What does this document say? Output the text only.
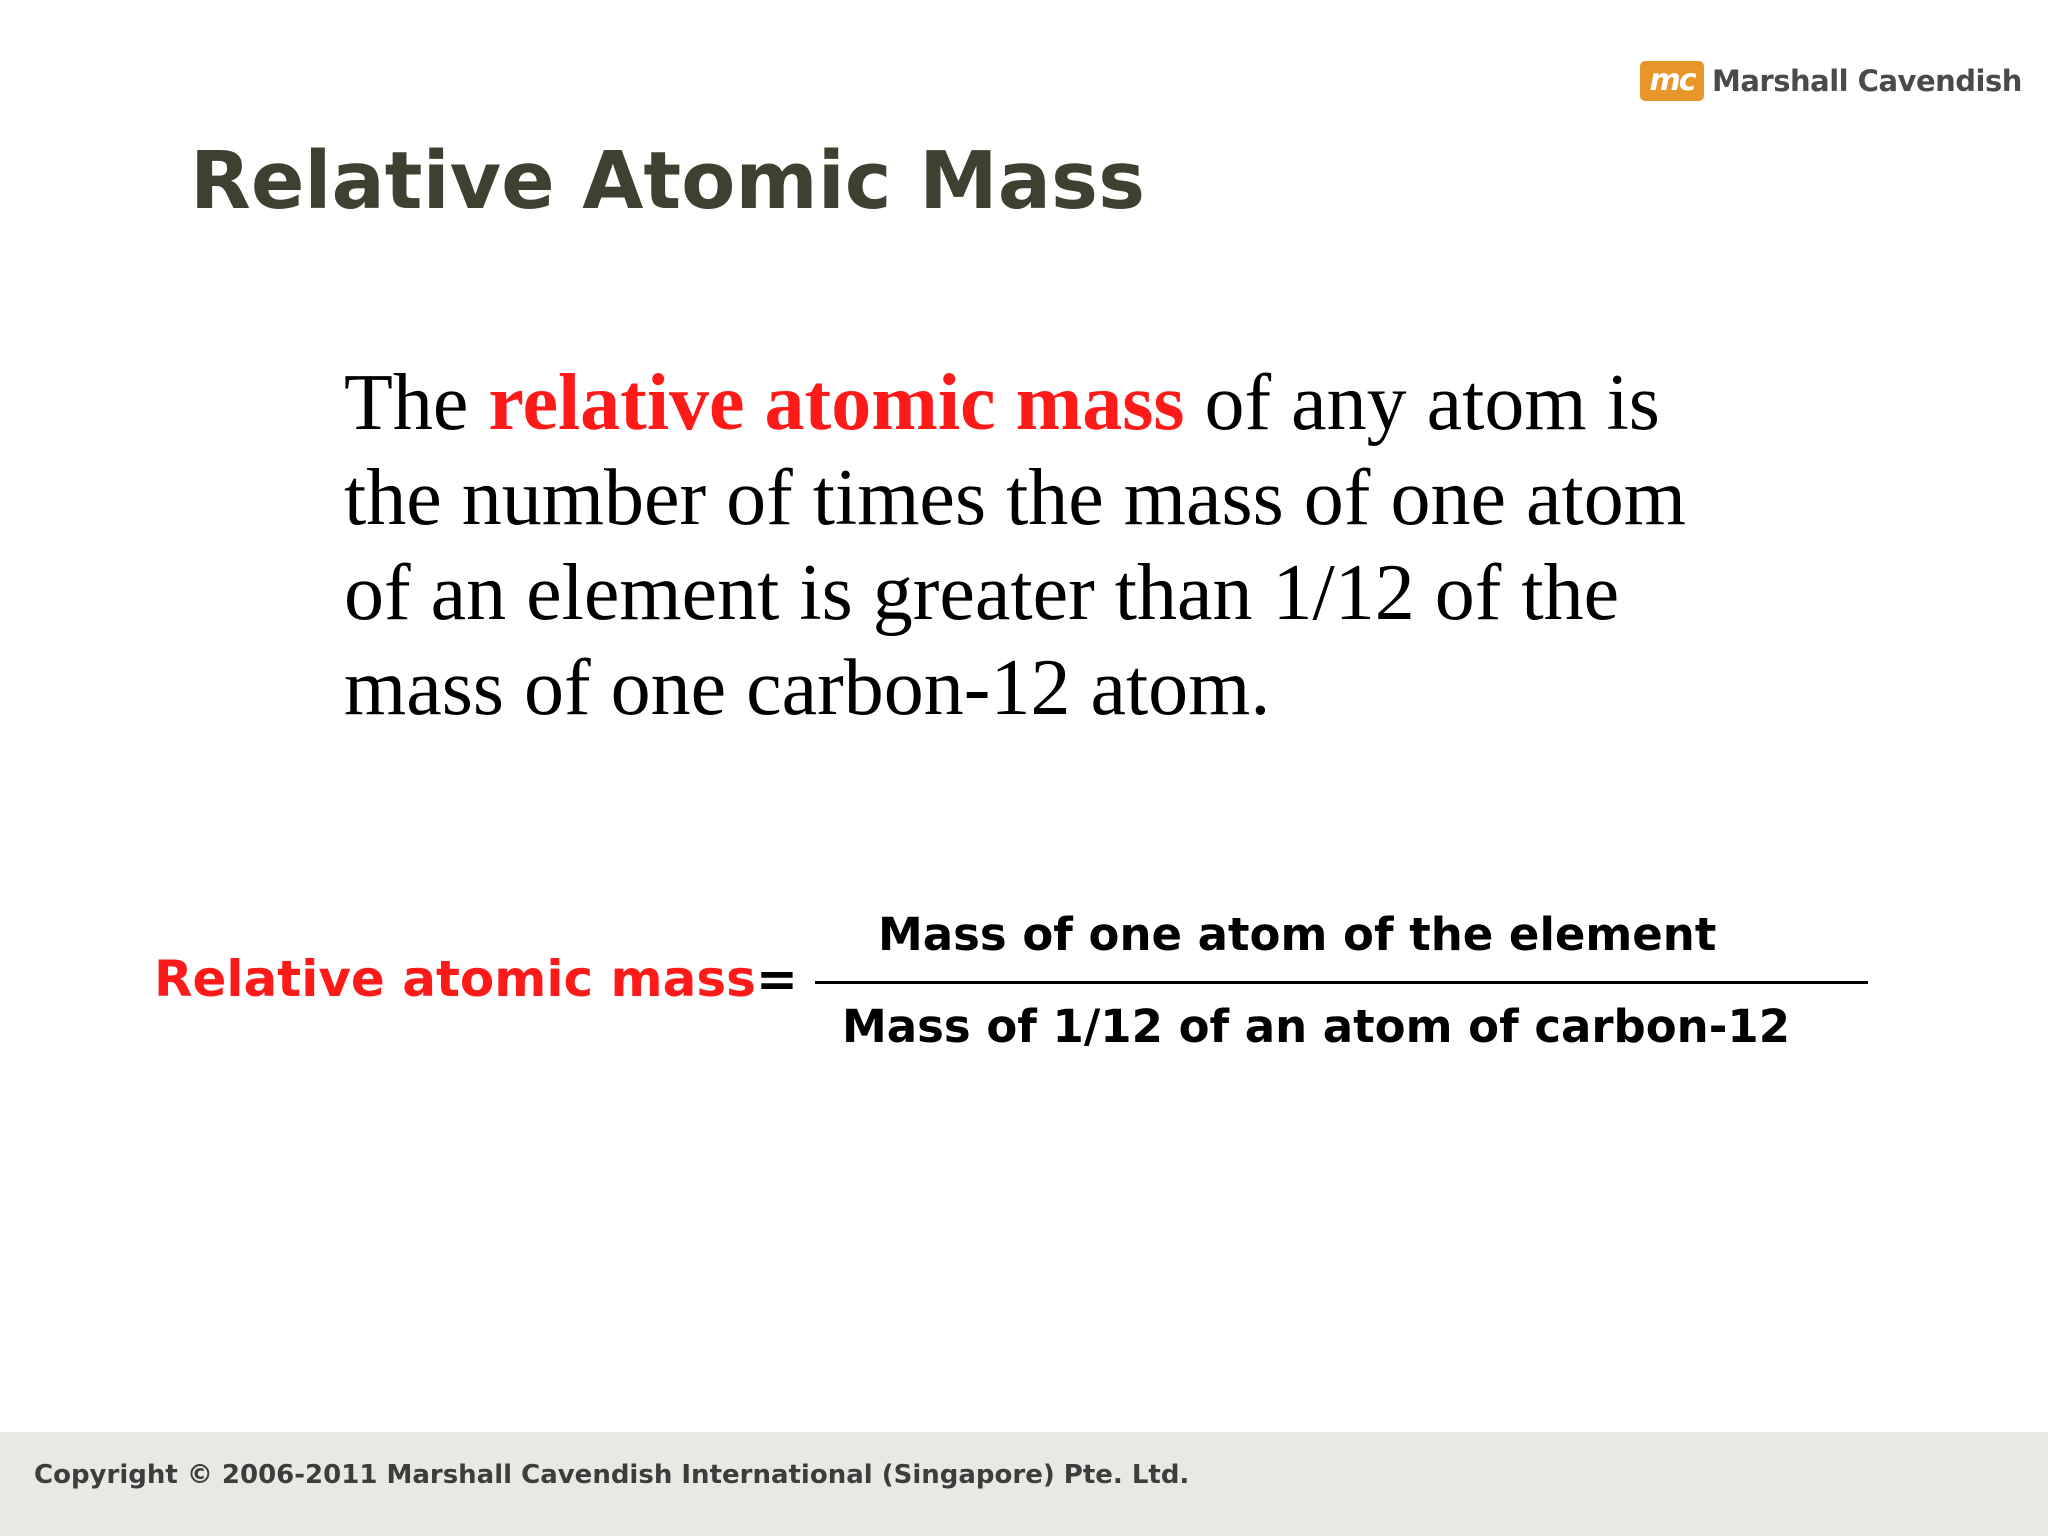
mc Marshall Cavendish
Relative Atomic Mass

The relative atomic mass of any atom is the number of times the mass of one atom of an element is greater than 1/12 of the mass of one carbon-12 atom.

Relative atomic mass =
Mass of one atom of the element
Mass of 1/12 of an atom of carbon-12
Copyright © 2006-2011 Marshall Cavendish International (Singapore) Pte. Ltd.
